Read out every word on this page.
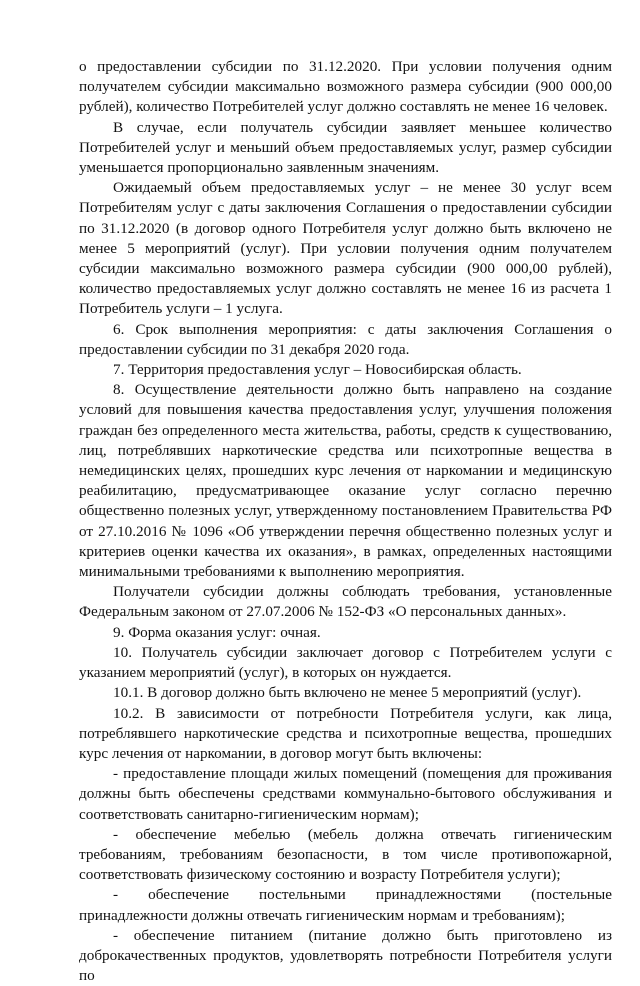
о предоставлении субсидии по 31.12.2020. При условии получения одним получателем субсидии максимально возможного размера субсидии (900 000,00 рублей), количество Потребителей услуг должно составлять не менее 16 человек.

В случае, если получатель субсидии заявляет меньшее количество Потребителей услуг и меньший объем предоставляемых услуг, размер субсидии уменьшается пропорционально заявленным значениям.

Ожидаемый объем предоставляемых услуг – не менее 30 услуг всем Потребителям услуг с даты заключения Соглашения о предоставлении субсидии по 31.12.2020 (в договор одного Потребителя услуг должно быть включено не менее 5 мероприятий (услуг). При условии получения одним получателем субсидии максимально возможного размера субсидии (900 000,00 рублей), количество предоставляемых услуг должно составлять не менее 16 из расчета 1 Потребитель услуги – 1 услуга.

6. Срок выполнения мероприятия: с даты заключения Соглашения о предоставлении субсидии по 31 декабря 2020 года.

7. Территория предоставления услуг – Новосибирская область.

8. Осуществление деятельности должно быть направлено на создание условий для повышения качества предоставления услуг, улучшения положения граждан без определенного места жительства, работы, средств к существованию, лиц, потреблявших наркотические средства или психотропные вещества в немедицинских целях, прошедших курс лечения от наркомании и медицинскую реабилитацию, предусматривающее оказание услуг согласно перечню общественно полезных услуг, утвержденному постановлением Правительства РФ от 27.10.2016 № 1096 «Об утверждении перечня общественно полезных услуг и критериев оценки качества их оказания», в рамках, определенных настоящими минимальными требованиями к выполнению мероприятия.

Получатели субсидии должны соблюдать требования, установленные Федеральным законом от 27.07.2006 № 152-ФЗ «О персональных данных».

9. Форма оказания услуг: очная.

10. Получатель субсидии заключает договор с Потребителем услуги с указанием мероприятий (услуг), в которых он нуждается.

10.1. В договор должно быть включено не менее 5 мероприятий (услуг).

10.2. В зависимости от потребности Потребителя услуги, как лица, потреблявшего наркотические средства и психотропные вещества, прошедших курс лечения от наркомании, в договор могут быть включены:

- предоставление площади жилых помещений (помещения для проживания должны быть обеспечены средствами коммунально-бытового обслуживания и соответствовать санитарно-гигиеническим нормам);

- обеспечение мебелью (мебель должна отвечать гигиеническим требованиям, требованиям безопасности, в том числе противопожарной, соответствовать физическому состоянию и возрасту Потребителя услуги);

- обеспечение постельными принадлежностями (постельные принадлежности должны отвечать гигиеническим нормам и требованиям);

- обеспечение питанием (питание должно быть приготовлено из доброкачественных продуктов, удовлетворять потребности Потребителя услуги по
